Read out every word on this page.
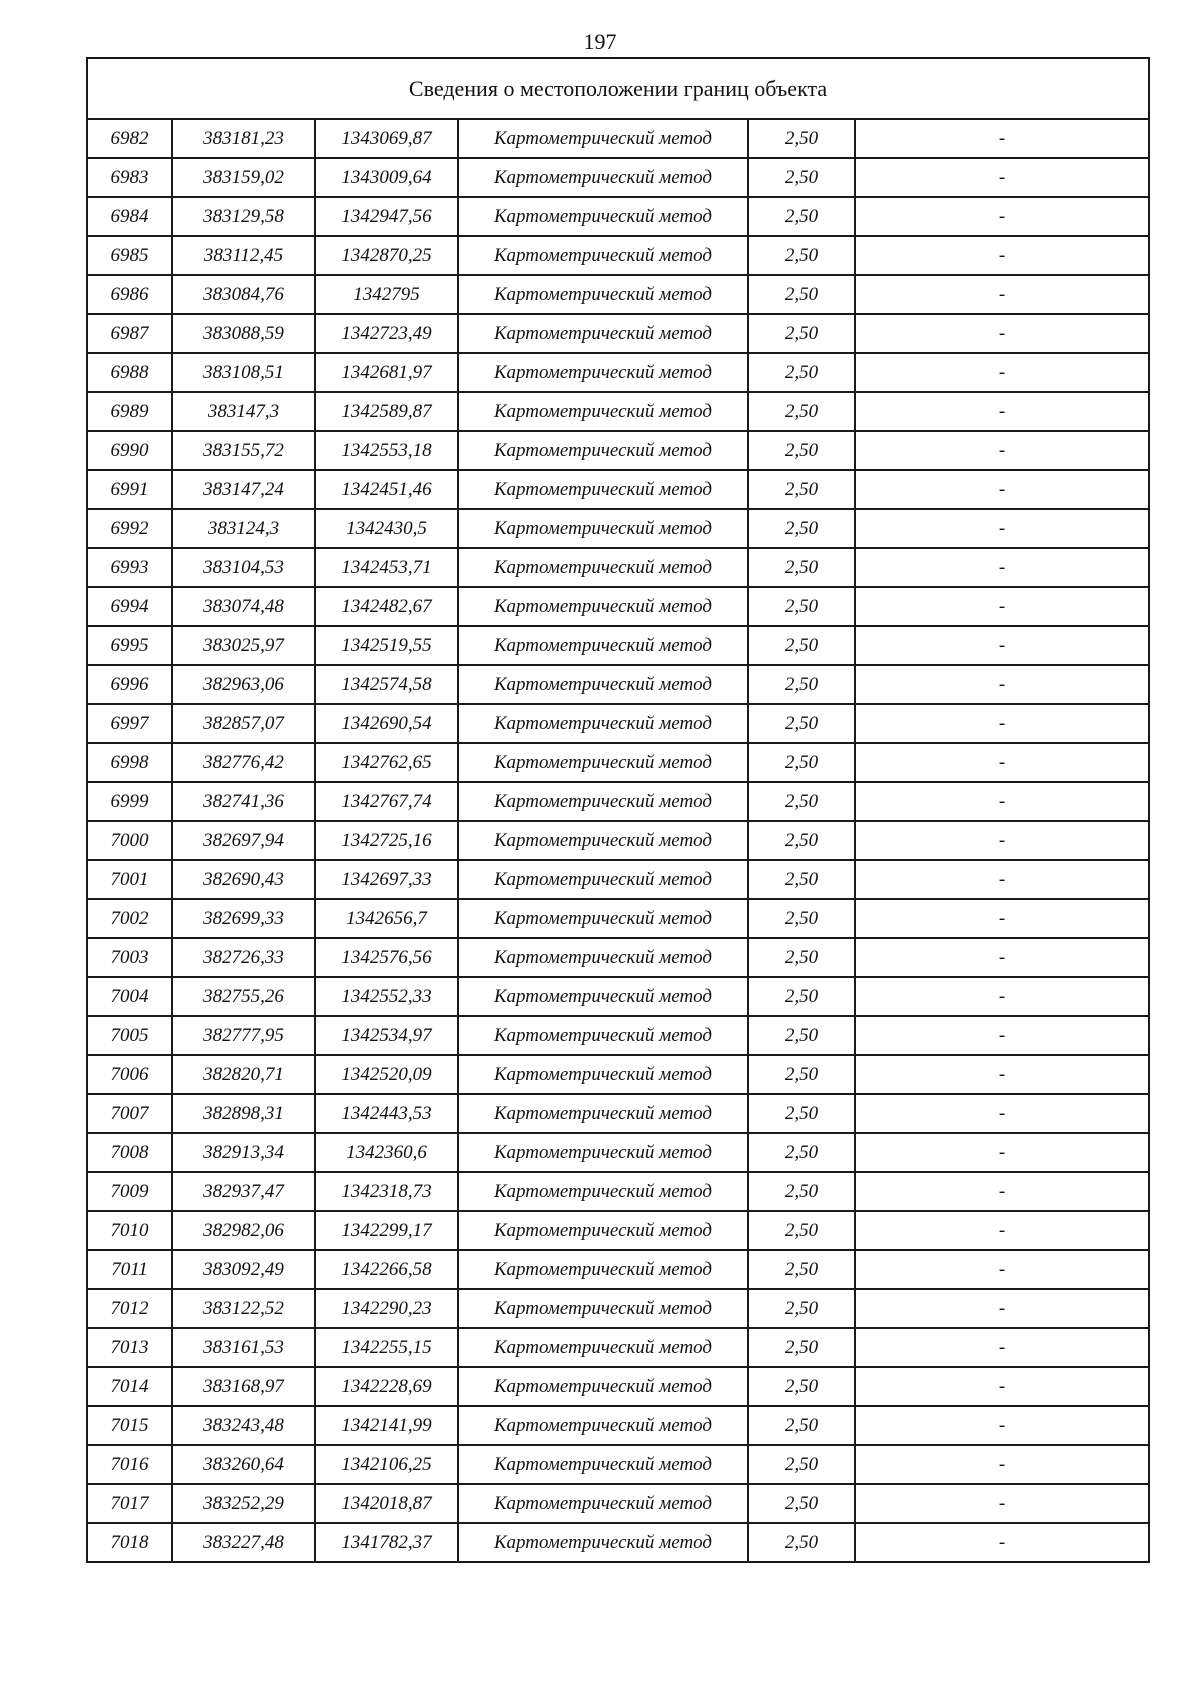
197
Сведения о местоположении границ объекта					
6982	383181,23	1343069,87	Картометрический метод	2,50	-
6983	383159,02	1343009,64	Картометрический метод	2,50	-
6984	383129,58	1342947,56	Картометрический метод	2,50	-
6985	383112,45	1342870,25	Картометрический метод	2,50	-
6986	383084,76	1342795	Картометрический метод	2,50	-
6987	383088,59	1342723,49	Картометрический метод	2,50	-
6988	383108,51	1342681,97	Картометрический метод	2,50	-
6989	383147,3	1342589,87	Картометрический метод	2,50	-
6990	383155,72	1342553,18	Картометрический метод	2,50	-
6991	383147,24	1342451,46	Картометрический метод	2,50	-
6992	383124,3	1342430,5	Картометрический метод	2,50	-
6993	383104,53	1342453,71	Картометрический метод	2,50	-
6994	383074,48	1342482,67	Картометрический метод	2,50	-
6995	383025,97	1342519,55	Картометрический метод	2,50	-
6996	382963,06	1342574,58	Картометрический метод	2,50	-
6997	382857,07	1342690,54	Картометрический метод	2,50	-
6998	382776,42	1342762,65	Картометрический метод	2,50	-
6999	382741,36	1342767,74	Картометрический метод	2,50	-
7000	382697,94	1342725,16	Картометрический метод	2,50	-
7001	382690,43	1342697,33	Картометрический метод	2,50	-
7002	382699,33	1342656,7	Картометрический метод	2,50	-
7003	382726,33	1342576,56	Картометрический метод	2,50	-
7004	382755,26	1342552,33	Картометрический метод	2,50	-
7005	382777,95	1342534,97	Картометрический метод	2,50	-
7006	382820,71	1342520,09	Картометрический метод	2,50	-
7007	382898,31	1342443,53	Картометрический метод	2,50	-
7008	382913,34	1342360,6	Картометрический метод	2,50	-
7009	382937,47	1342318,73	Картометрический метод	2,50	-
7010	382982,06	1342299,17	Картометрический метод	2,50	-
7011	383092,49	1342266,58	Картометрический метод	2,50	-
7012	383122,52	1342290,23	Картометрический метод	2,50	-
7013	383161,53	1342255,15	Картометрический метод	2,50	-
7014	383168,97	1342228,69	Картометрический метод	2,50	-
7015	383243,48	1342141,99	Картометрический метод	2,50	-
7016	383260,64	1342106,25	Картометрический метод	2,50	-
7017	383252,29	1342018,87	Картометрический метод	2,50	-
7018	383227,48	1341782,37	Картометрический метод	2,50	-
